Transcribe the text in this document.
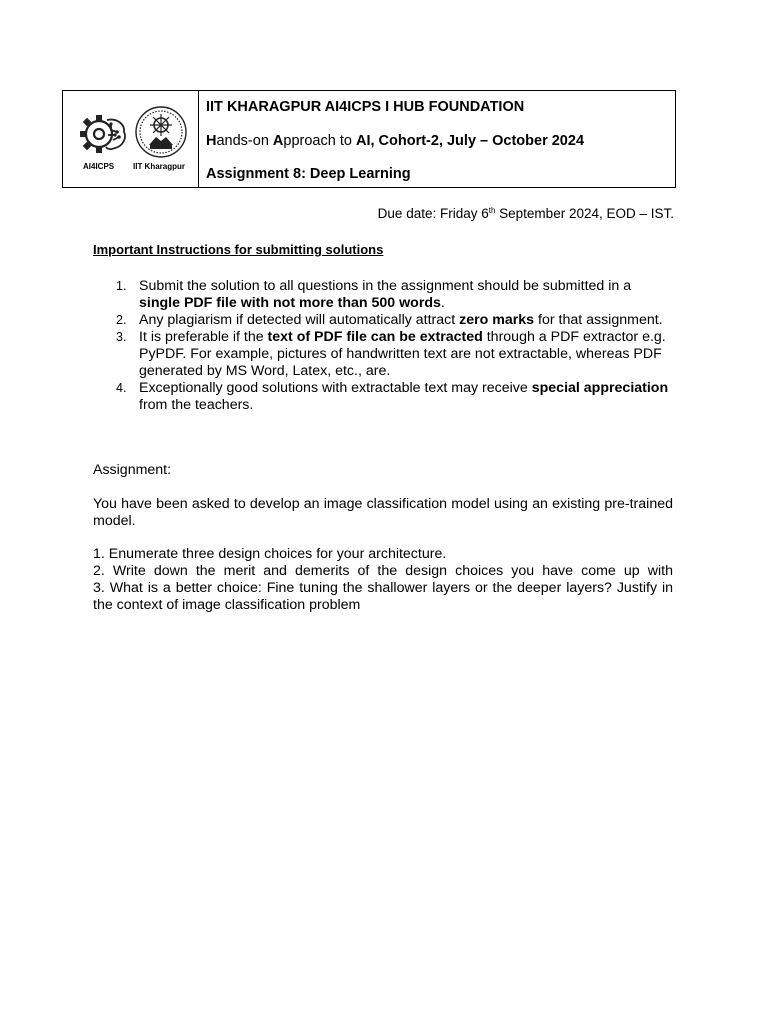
AI4ICPS IIT Kharagpur
IIT KHARAGPUR AI4ICPS I HUB FOUNDATION
Hands-on Approach to AI, Cohort-2, July – October 2024
Assignment 8: Deep Learning
Due date: Friday 6th September 2024, EOD – IST.
Important Instructions for submitting solutions
1. Submit the solution to all questions in the assignment should be submitted in a single PDF file with not more than 500 words.
2. Any plagiarism if detected will automatically attract zero marks for that assignment.
3. It is preferable if the text of PDF file can be extracted through a PDF extractor e.g. PyPDF. For example, pictures of handwritten text are not extractable, whereas PDF generated by MS Word, Latex, etc., are.
4. Exceptionally good solutions with extractable text may receive special appreciation from the teachers.
Assignment:
You have been asked to develop an image classification model using an existing pre-trained model.
1. Enumerate three design choices for your architecture.
2. Write down the merit and demerits of the design choices you have come up with
3. What is a better choice: Fine tuning the shallower layers or the deeper layers? Justify in the context of image classification problem
